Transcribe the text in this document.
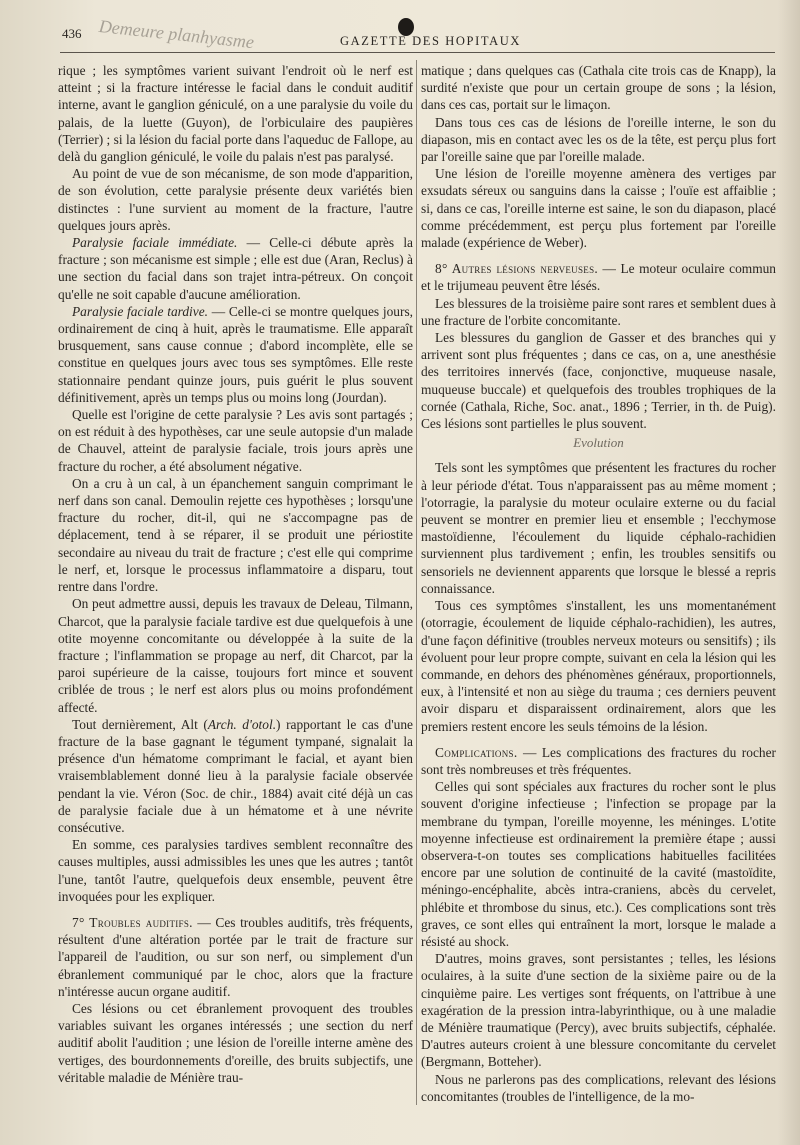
436 Demeure planhyasme	GAZETTE DES HOPITAUX

rique ; les symptômes varient suivant l'endroit où le nerf est atteint ; si la fracture intéresse le facial dans le conduit auditif interne, avant le ganglion géniculé, on a une paralysie du voile du palais, de la luette (Guyon), de l'orbiculaire des paupières (Terrier) ; si la lésion du facial porte dans l'aqueduc de Fallope, au delà du ganglion géniculé, le voile du palais n'est pas paralysé.

Au point de vue de son mécanisme, de son mode d'apparition, de son évolution, cette paralysie présente deux variétés bien distinctes : l'une survient au moment de la fracture, l'autre quelques jours après.

Paralysie faciale immédiate. — Celle-ci débute après la fracture ; son mécanisme est simple ; elle est due (Aran, Reclus) à une section du facial dans son trajet intra-pétreux. On conçoit qu'elle ne soit capable d'aucune amélioration.

Paralysie faciale tardive. — Celle-ci se montre quelques jours, ordinairement de cinq à huit, après le traumatisme. Elle apparaît brusquement, sans cause connue ; d'abord incomplète, elle se constitue en quelques jours avec tous ses symptômes. Elle reste stationnaire pendant quinze jours, puis guérit le plus souvent définitivement, après un temps plus ou moins long (Jourdan).

Quelle est l'origine de cette paralysie ? Les avis sont partagés ; on est réduit à des hypothèses, car une seule autopsie d'un malade de Chauvel, atteint de paralysie faciale, trois jours après une fracture du rocher, a été absolument négative.

On a cru à un cal, à un épanchement sanguin comprimant le nerf dans son canal. Demoulin rejette ces hypothèses ; lorsqu'une fracture du rocher, dit-il, qui ne s'accompagne pas de déplacement, tend à se réparer, il se produit une périostite secondaire au niveau du trait de fracture ; c'est elle qui comprime le nerf, et, lorsque le processus inflammatoire a disparu, tout rentre dans l'ordre.

On peut admettre aussi, depuis les travaux de Deleau, Tilmann, Charcot, que la paralysie faciale tardive est due quelquefois à une otite moyenne concomitante ou développée à la suite de la fracture ; l'inflammation se propage au nerf, dit Charcot, par la paroi supérieure de la caisse, toujours fort mince et souvent criblée de trous ; le nerf est alors plus ou moins profondément affecté.

Tout dernièrement, Alt (Arch. d'otol.) rapportant le cas d'une fracture de la base gagnant le tégument tympané, signalait la présence d'un hématome comprimant le facial, et ayant bien vraisemblablement donné lieu à la paralysie faciale observée pendant la vie. Véron (Soc. de chir., 1884) avait cité déjà un cas de paralysie faciale due à un hématome et à une névrite consécutive.

En somme, ces paralysies tardives semblent reconnaître des causes multiples, aussi admissibles les unes que les autres ; tantôt l'une, tantôt l'autre, quelquefois deux ensemble, peuvent être invoquées pour les expliquer.

7° Troubles auditifs. — Ces troubles auditifs, très fréquents, résultent d'une altération portée par le trait de fracture sur l'appareil de l'audition, ou sur son nerf, ou simplement d'un ébranlement communiqué par le choc, alors que la fracture n'intéresse aucun organe auditif.

Ces lésions ou cet ébranlement provoquent des troubles variables suivant les organes intéressés ; une section du nerf auditif abolit l'audition ; une lésion de l'oreille interne amène des vertiges, des bourdonnements d'oreille, des bruits subjectifs, une véritable maladie de Ménière trau-

matique ; dans quelques cas (Cathala cite trois cas de Knapp), la surdité n'existe que pour un certain groupe de sons ; la lésion, dans ces cas, portait sur le limaçon.

Dans tous ces cas de lésions de l'oreille interne, le son du diapason, mis en contact avec les os de la tête, est perçu plus fort par l'oreille saine que par l'oreille malade.

Une lésion de l'oreille moyenne amènera des vertiges par exsudats séreux ou sanguins dans la caisse ; l'ouïe est affaiblie ; si, dans ce cas, l'oreille interne est saine, le son du diapason, placé comme précédemment, est perçu plus fortement par l'oreille malade (expérience de Weber).

8° Autres lésions nerveuses. — Le moteur oculaire commun et le trijumeau peuvent être lésés.

Les blessures de la troisième paire sont rares et semblent dues à une fracture de l'orbite concomitante.

Les blessures du ganglion de Gasser et des branches qui y arrivent sont plus fréquentes ; dans ce cas, on a, une anesthésie des territoires innervés (face, conjonctive, muqueuse nasale, muqueuse buccale) et quelquefois des troubles trophiques de la cornée (Cathala, Riche, Soc. anat., 1896 ; Terrier, in th. de Puig). Ces lésions sont partielles le plus souvent.

Evolution

Tels sont les symptômes que présentent les fractures du rocher à leur période d'état. Tous n'apparaissent pas au même moment ; l'otorragie, la paralysie du moteur oculaire externe ou du facial peuvent se montrer en premier lieu et ensemble ; l'ecchymose mastoïdienne, l'écoulement du liquide céphalo-rachidien surviennent plus tardivement ; enfin, les troubles sensitifs ou sensoriels ne deviennent apparents que lorsque le blessé a repris connaissance.

Tous ces symptômes s'installent, les uns momentanément (otorragie, écoulement de liquide céphalo-rachidien), les autres, d'une façon définitive (troubles nerveux moteurs ou sensitifs) ; ils évoluent pour leur propre compte, suivant en cela la lésion qui les commande, en dehors des phénomènes généraux, proportionnels, eux, à l'intensité et non au siège du trauma ; ces derniers peuvent avoir disparu et disparaissent ordinairement, alors que les premiers restent encore les seuls témoins de la lésion.

Complications. — Les complications des fractures du rocher sont très nombreuses et très fréquentes.

Celles qui sont spéciales aux fractures du rocher sont le plus souvent d'origine infectieuse ; l'infection se propage par la membrane du tympan, l'oreille moyenne, les méninges. L'otite moyenne infectieuse est ordinairement la première étape ; aussi observera-t-on toutes ses complications habituelles facilitées encore par une solution de continuité de la cavité (mastoïdite, méningo-encéphalite, abcès intra-craniens, abcès du cervelet, phlébite et thrombose du sinus, etc.). Ces complications sont très graves, ce sont elles qui entraînent la mort, lorsque le malade a résisté au shock.

D'autres, moins graves, sont persistantes ; telles, les lésions oculaires, à la suite d'une section de la sixième paire ou de la cinquième paire. Les vertiges sont fréquents, on l'attribue à une exagération de la pression intra-labyrinthique, ou à une maladie de Ménière traumatique (Percy), avec bruits subjectifs, céphalée. D'autres auteurs croient à une blessure concomitante du cervelet (Bergmann, Botteher).

Nous ne parlerons pas des complications, relevant des lésions concomitantes (troubles de l'intelligence, de la mo-
